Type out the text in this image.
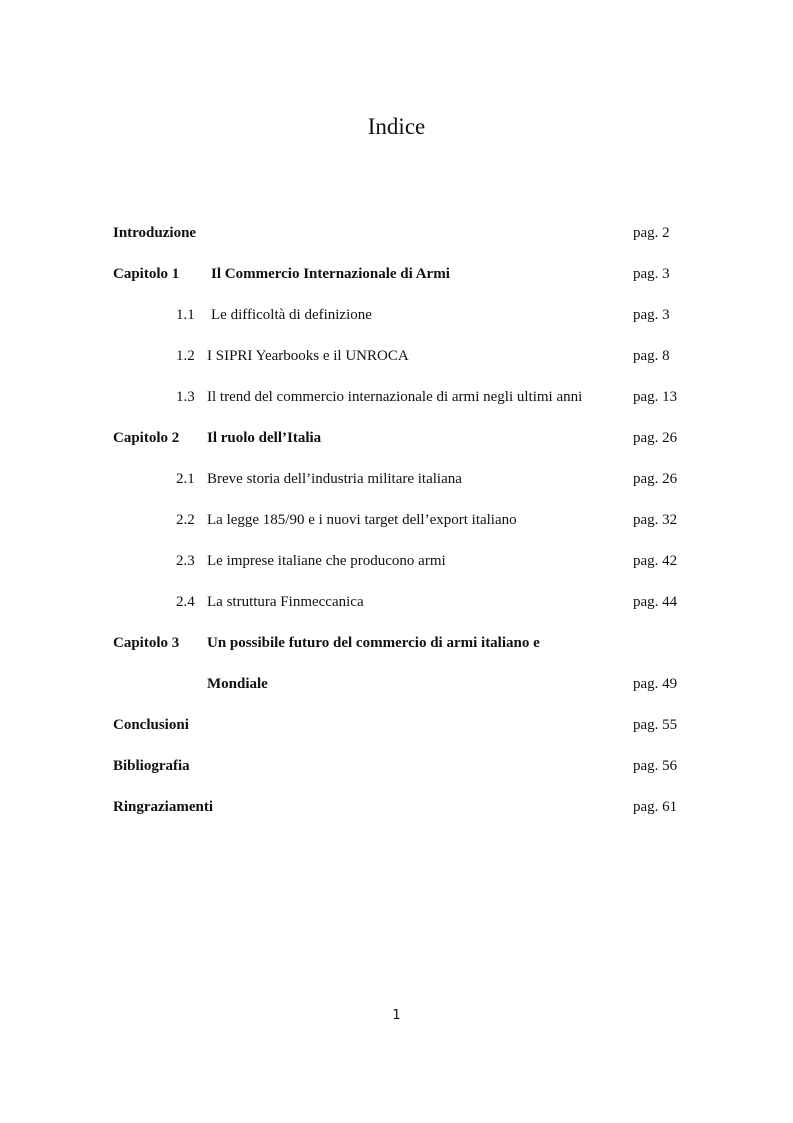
Indice
Introduzione	pag. 2
Capitolo 1 Il Commercio Internazionale di Armi	pag. 3
1.1 Le difficoltà di definizione	pag. 3
1.2 I SIPRI Yearbooks e il UNROCA	pag. 8
1.3 Il trend del commercio internazionale di armi negli ultimi anni	pag. 13
Capitolo 2 Il ruolo dell’Italia	pag. 26
2.1 Breve storia dell’industria militare italiana	pag. 26
2.2 La legge 185/90 e i nuovi target dell’export italiano	pag. 32
2.3 Le imprese italiane che producono armi	pag. 42
2.4 La struttura Finmeccanica	pag. 44
Capitolo 3 Un possibile futuro del commercio di armi italiano e
Mondiale	pag. 49
Conclusioni	pag. 55
Bibliografia	pag. 56
Ringraziamenti	pag. 61
1
